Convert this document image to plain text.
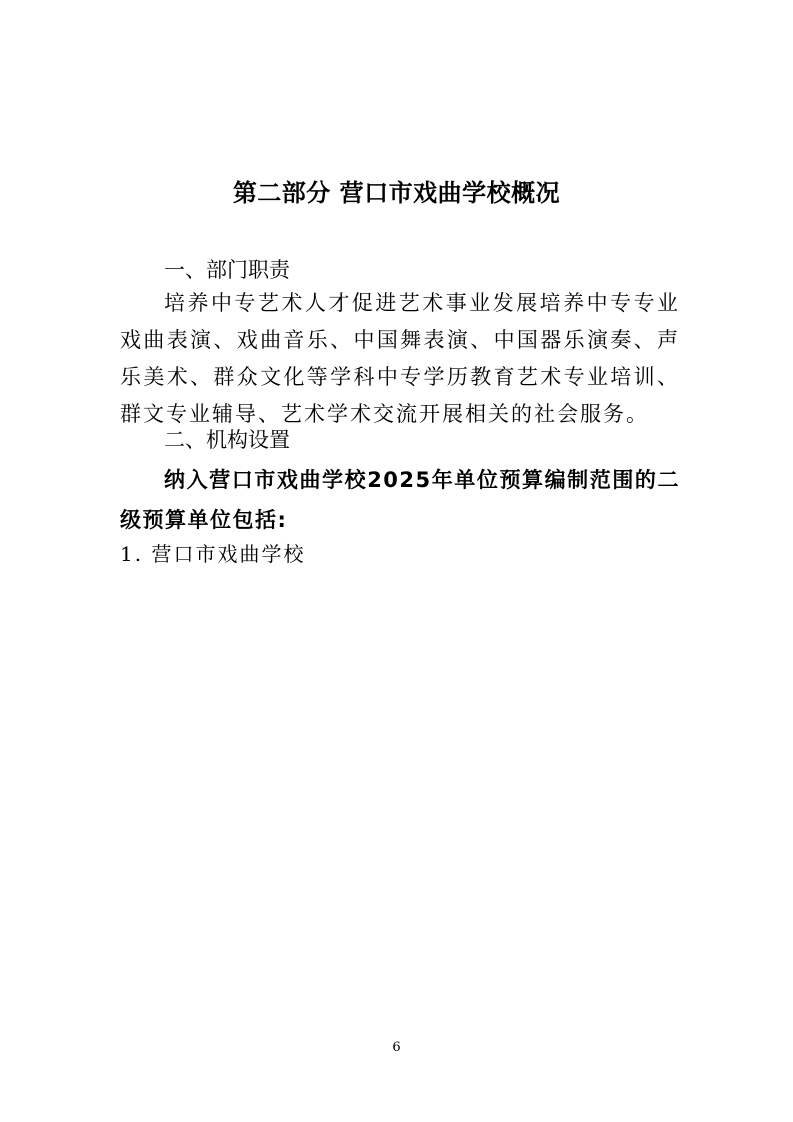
第二部分 营口市戏曲学校概况
一、部门职责
培养中专艺术人才促进艺术事业发展培养中专专业戏曲表演、戏曲音乐、中国舞表演、中国器乐演奏、声乐美术、群众文化等学科中专学历教育艺术专业培训、群文专业辅导、艺术学术交流开展相关的社会服务。
二、机构设置
纳入营口市戏曲学校2025年单位预算编制范围的二级预算单位包括:
1. 营口市戏曲学校
6
